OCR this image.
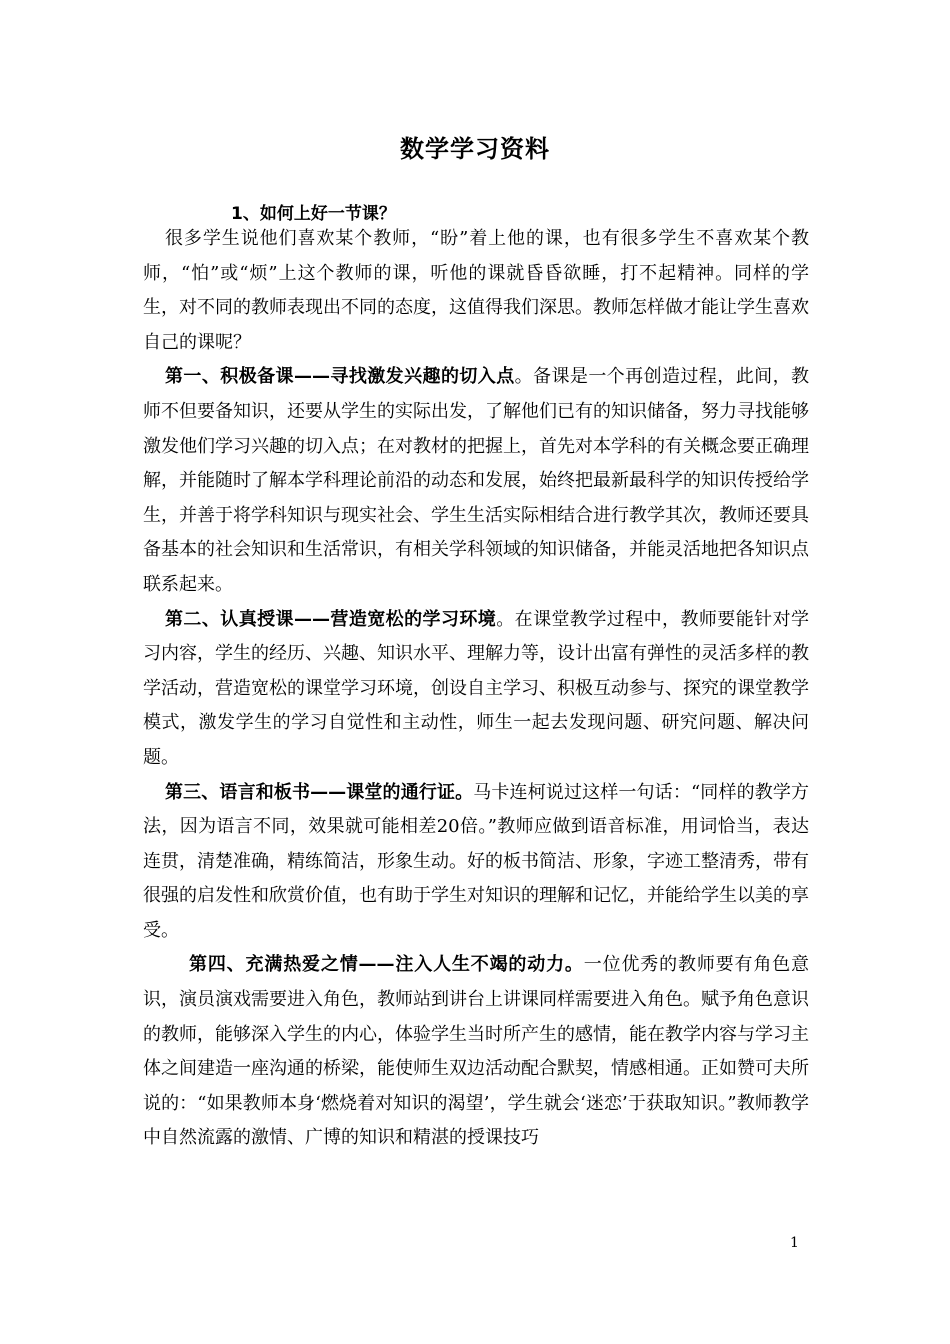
数学学习资料
1、如何上好一节课？

很多学生说他们喜欢某个教师，“盼”着上他的课，也有很多学生不喜欢某个教师，“怕”或“烦”上这个教师的课，听他的课就昏昏欲睡，打不起精神。同样的学生，对不同的教师表现出不同的态度，这值得我们深思。教师怎样做才能让学生喜欢自己的课呢？

第一、积极备课——寻找激发兴趣的切入点。备课是一个再创造过程，此间，教师不但要备知识，还要从学生的实际出发，了解他们已有的知识储备，努力寻找能够激发他们学习兴趣的切入点；在对教材的把握上，首先对本学科的有关概念要正确理解，并能随时了解本学科理论前沿的动态和发展，始终把最新最科学的知识传授给学生，并善于将学科知识与现实社会、学生生活实际相结合进行教学其次，教师还要具备基本的社会知识和生活常识，有相关学科领域的知识储备，并能灵活地把各知识点联系起来。

第二、认真授课——营造宽松的学习环境。在课堂教学过程中，教师要能针对学习内容，学生的经历、兴趣、知识水平、理解力等，设计出富有弹性的灵活多样的教学活动，营造宽松的课堂学习环境，创设自主学习、积极互动参与、探究的课堂教学模式，激发学生的学习自觉性和主动性，师生一起去发现问题、研究问题、解决问题。

第三、语言和板书——课堂的通行证。马卡连柯说过这样一句话：“同样的教学方法，因为语言不同，效果就可能相差20倍。”教师应做到语音标准，用词恰当，表达连贯，清楚准确，精练简洁，形象生动。好的板书简洁、形象，字迹工整清秀，带有很强的启发性和欣赏价值，也有助于学生对知识的理解和记忆，并能给学生以美的享受。

第四、充满热爱之情——注入人生不竭的动力。一位优秀的教师要有角色意识，演员演戏需要进入角色，教师站到讲台上讲课同样需要进入角色。赋予角色意识的教师，能够深入学生的内心，体验学生当时所产生的感情，能在教学内容与学习主体之间建造一座沟通的桥梁，能使师生双边活动配合默契，情感相通。正如赞可夫所说的：“如果教师本身‘燃烧着对知识的渴望’，学生就会‘迷恋’于获取知识。”教师教学中自然流露的激情、广博的知识和精湛的授课技巧

1
